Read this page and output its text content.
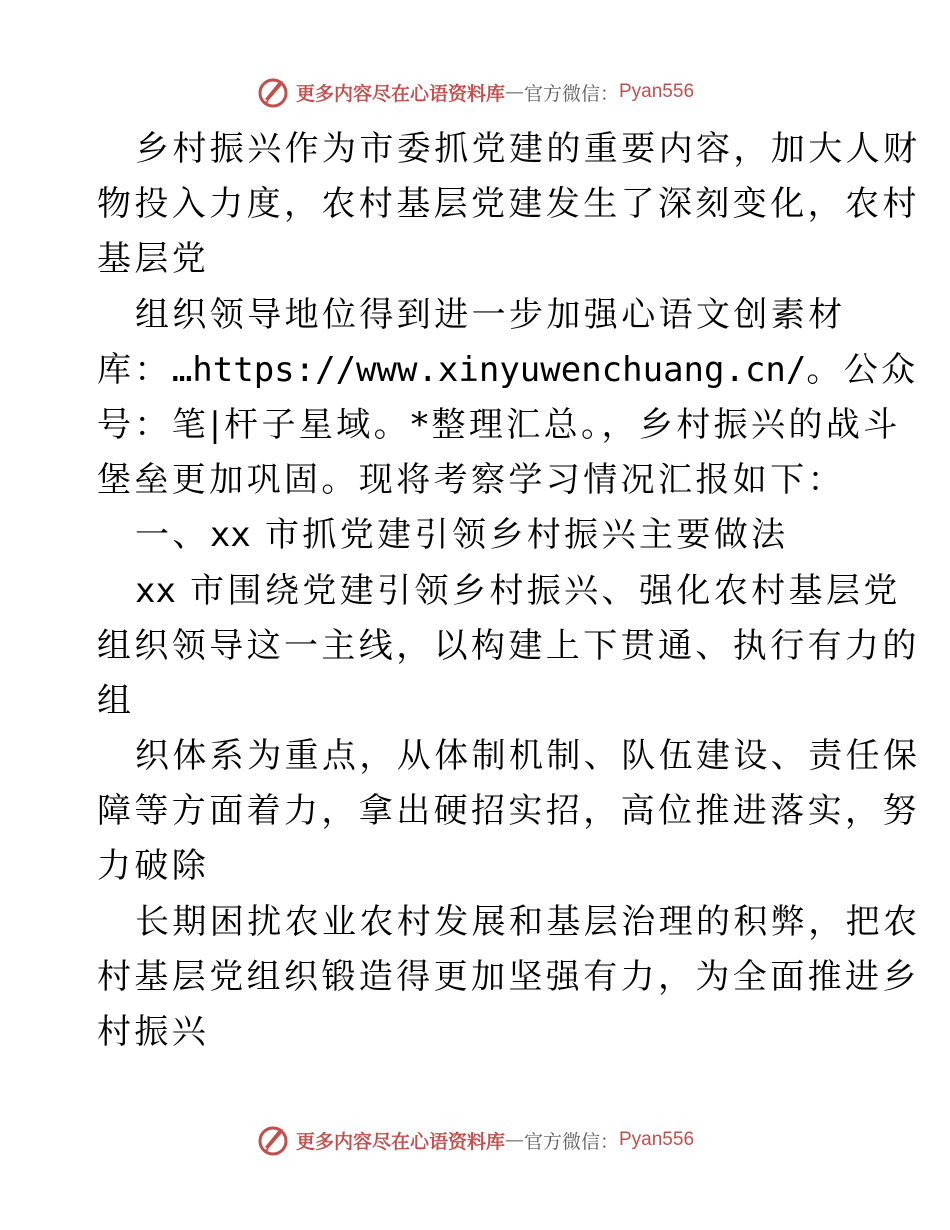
更多内容尽在心语资料库 — 官方微信： Pyan556
乡村振兴作为市委抓党建的重要内容，加大人财
物投入力度，农村基层党建发生了深刻变化，农村
基层党
组织领导地位得到进一步加强心语文创素材
库：…https://www.xinyuwenchuang.cn/。公众
号：笔|杆子星域。*整理汇总。，乡村振兴的战斗
堡垒更加巩固。现将考察学习情况汇报如下：
一、xx 市抓党建引领乡村振兴主要做法
xx 市围绕党建引领乡村振兴、强化农村基层党
组织领导这一主线，以构建上下贯通、执行有力的
组
织体系为重点，从体制机制、队伍建设、责任保
障等方面着力，拿出硬招实招，高位推进落实，努
力破除
长期困扰农业农村发展和基层治理的积弊，把农
村基层党组织锻造得更加坚强有力，为全面推进乡
村振兴
更多内容尽在心语资料库 — 官方微信： Pyan556
